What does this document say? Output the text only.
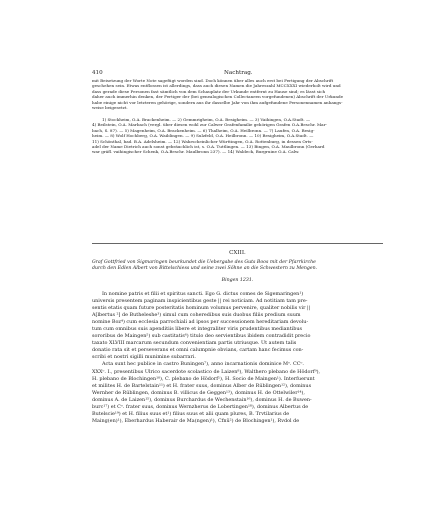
410	Nachtrag.

mit Beisetzung der Worte Note sagefügt worden sind. Doch können über alles auch erst bei Fertigung der Abschrift

geschehen sein. Etwas entflossen ist allerdings, dass auch diesen Namen die Jahreszahl MCCXXXI wiederholt wird und

dass gerade diese Personen fast sämtlich von dem Schauplatz der Urkunde entfernt zu Hause sind; es lässt sich

daher auch immerhin denken, der Fertiger der (bei genealogischen Collectaneen vorgefundenen) Abschrift der Urkunde

habe einige nicht vor letzteren gehörige, sondern aus ihr dasselbe Jahr von ihm aufgefundene Personennamen anhangs-

weise beigesetzt.

1) Stockheim, O.A. Brackenheim. — 2) Gemmrigheim, O.A. Besigheim. — 3) Vaihingen, O.A.Stadt. —

4) Beilstein, O.A. Marbach (vergl. über diesen wohl zur Calwer Grafenfamilie gehörigen Grafen O.A.Beschr. Mar-

bach, S. 87). — 5) Magenheim, O.A. Brackenheim. — 6) Thalheim, O.A. Heilbronn. — 7) Laufen, O.A. Besig-

heim. — 8) Wolf Hochberg, O.A. Waiblingen. — 9) Sulzfeld, O.A. Heilbronn. — 10) Besigheim, O.A.Stadt. —

11) Schönthal, bad. B.A. Adelsheim. — 12) Wahrscheinlicher Württingen, O.A. Rottenburg, in dessen Orts-

adel der Name Dietrich auch sonst gebräuchlich ist, s. O.A. Tuttlingen. — 13) Bingen, O.A. Maulbronn (Gerhard

war gräfl. vaihingischer Schenk, O.A.Beschr. Maulbronn 237). — 14) Waldeck, Burgruine O.A. Calw.

CXIII.

Graf Gottfried von Sigmaringen beurkundet die Uebergabe des Guts Boos mit der Pfarrkirche

durch den Edlen Albert von Bittelschiess und seine zwei Söhne an die Schwestern zu Mengen.

Bingen 1231.

In nomine patris et filii et spiritus sancti. Ego G. dictus comes de Sigemaringen¹)

universis presentem paginam inspicientibus geste || rei noticiam. Ad notitiam tam pre-

sentis etatis quam future posteritatis hominum volumus pervenire, qualiter nobilis vir ||

A[lbertus ²] de Butheleshe³) simul cum coheredibus suis duobus filiis predium suum

nomine Boz⁴) cum ecclesia parrochiali ad ipsos per successionem hereditariam devolu-

tum cum omnibus suis apenditiis libere et integraliter viris prudentibus mediantibus

sororibus de Maingen⁵) sub castitatis⁶) titulo deo servientibus ibidem contradidit precio

taxato XLVIII marcarum secundum convenientiam partis utriusque. Ut autem talis

donatio rata sit et perseverans et omni calumpnie obvians, cartam hanc fecimus con-

scribi et nostri sigilli munimine subarrari.

Acta sunt hec publice in castro Buningen⁷), anno incarnationis dominice Mᵒ. CCᵒ.

XXXᵒ. I., presentibus Ulrico sacerdote scolastico de Laizen⁸), Walthero plebano de Hödorf⁹),

H. plebano de Blochingen¹⁰), C. plebano de Hödorf¹), H. Socio de Maingen¹). Interfuerunt

et milites H. de Bartelstain¹¹) et H. frater suus, dominus Alber de Rüblingen¹²), dominus

Wernher de Rüblingen, dominus B. villicus de Geggen¹³), dominus H. de Ottelwiler¹⁴),

dominus A. de Laizen¹⁵), dominus Burchardus de Wechenstain¹⁶), dominus H. de Buwen-

burc¹⁷) et Cᵒ. frater suus, dominus Wernzherus de Lobertingen¹⁸), dominus Albertus de

Butelscie¹⁹) et H. filius suus et¹) filius suus et alii quam plures, B. Trvtilarius de

Maing(en)¹), Eberhardus Haberair de Ma(ngen)¹), Cfnû²) de Blochingen¹), Rvdol de
